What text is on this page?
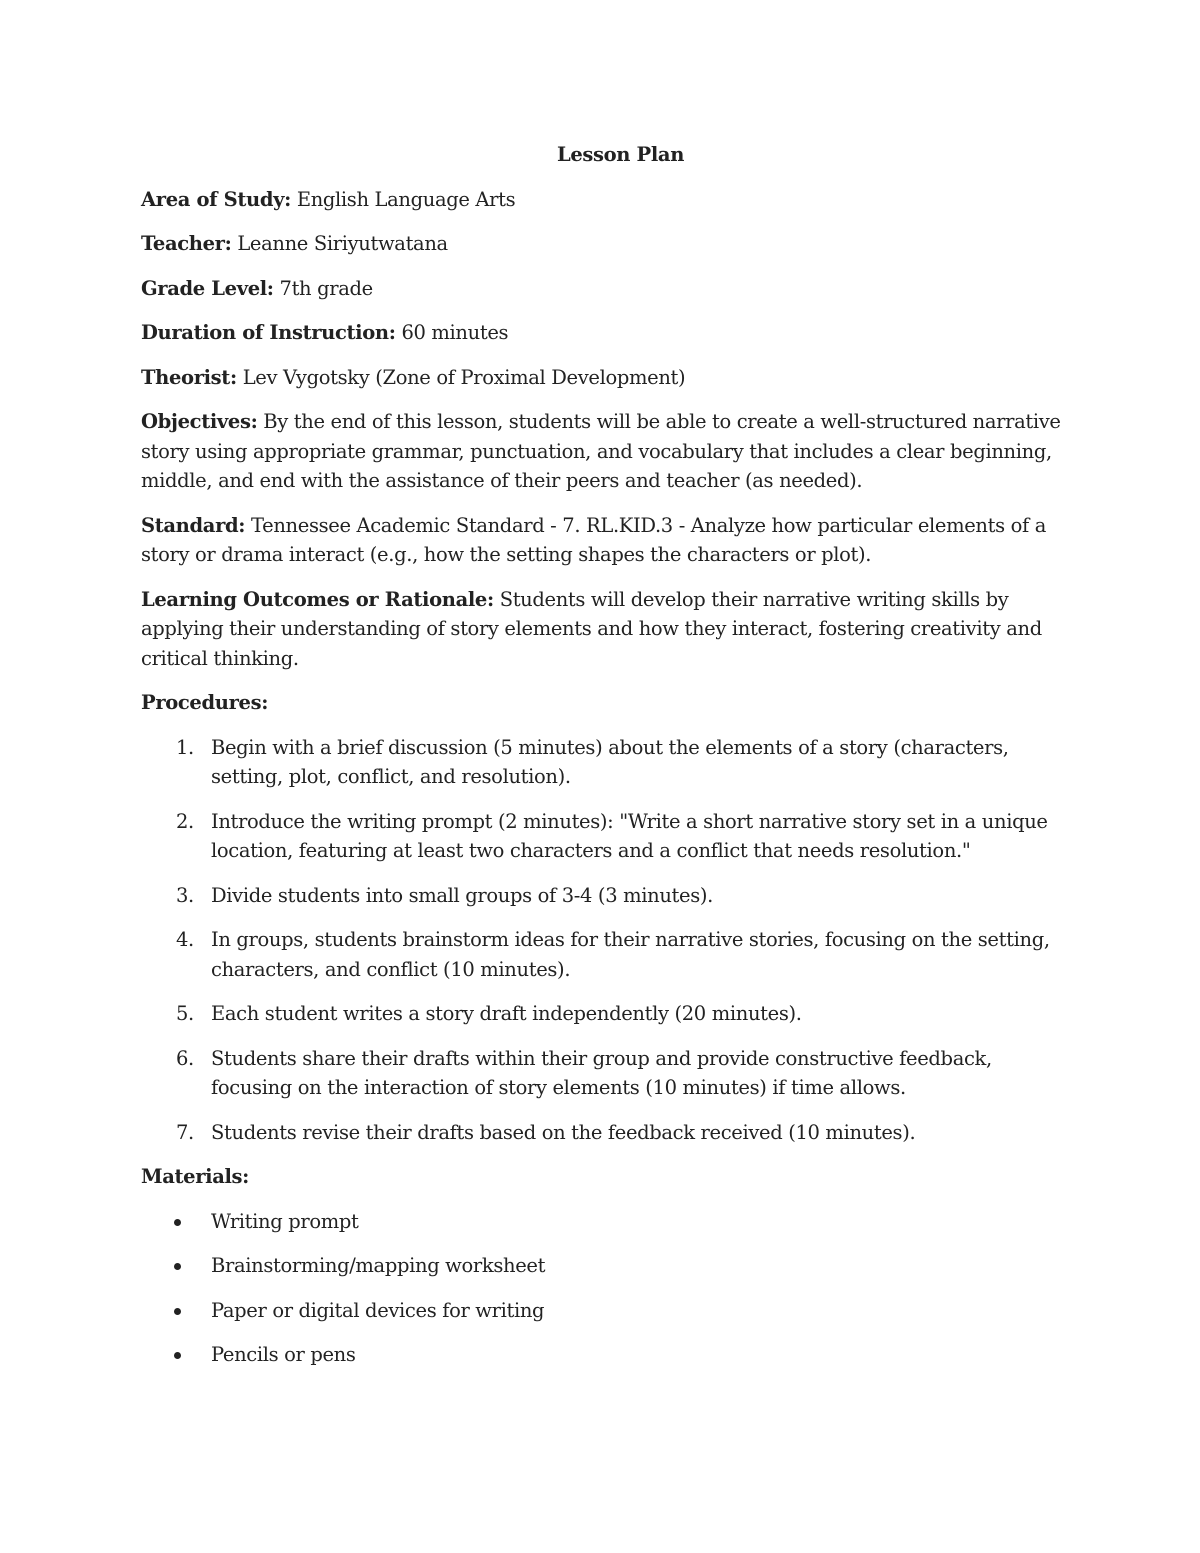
Lesson Plan

Area of Study: English Language Arts

Teacher: Leanne Siriyutwatana

Grade Level: 7th grade

Duration of Instruction: 60 minutes

Theorist: Lev Vygotsky (Zone of Proximal Development)

Objectives: By the end of this lesson, students will be able to create a well-structured narrative story using appropriate grammar, punctuation, and vocabulary that includes a clear beginning, middle, and end with the assistance of their peers and teacher (as needed).

Standard: Tennessee Academic Standard - 7. RL.KID.3 - Analyze how particular elements of a story or drama interact (e.g., how the setting shapes the characters or plot).

Learning Outcomes or Rationale: Students will develop their narrative writing skills by applying their understanding of story elements and how they interact, fostering creativity and critical thinking.

Procedures:
1. Begin with a brief discussion (5 minutes) about the elements of a story (characters, setting, plot, conflict, and resolution).
2. Introduce the writing prompt (2 minutes): "Write a short narrative story set in a unique location, featuring at least two characters and a conflict that needs resolution."
3. Divide students into small groups of 3-4 (3 minutes).
4. In groups, students brainstorm ideas for their narrative stories, focusing on the setting, characters, and conflict (10 minutes).
5. Each student writes a story draft independently (20 minutes).
6. Students share their drafts within their group and provide constructive feedback, focusing on the interaction of story elements (10 minutes) if time allows.
7. Students revise their drafts based on the feedback received (10 minutes).
Materials:
Writing prompt
Brainstorming/mapping worksheet
Paper or digital devices for writing
Pencils or pens
